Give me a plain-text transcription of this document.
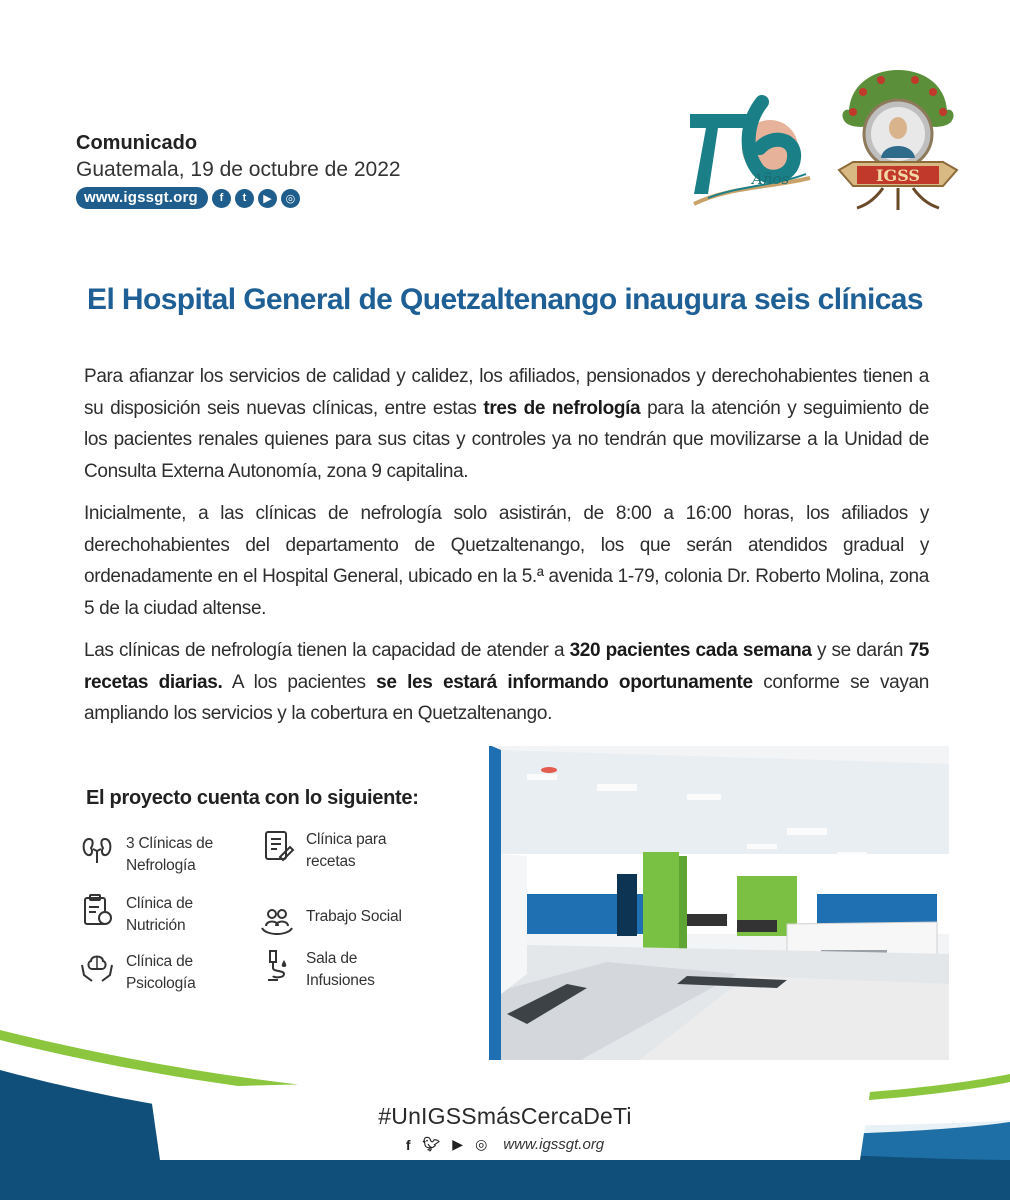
Comunicado
Guatemala, 19 de octubre de 2022
www.igssgt.org	f	t	▶	◎
Años	IGSS
El Hospital General de Quetzaltenango inaugura seis clínicas

Para afianzar los servicios de calidad y calidez, los afiliados, pensionados y derechohabientes tienen a su disposición seis nuevas clínicas, entre estas tres de nefrología para la atención y seguimiento de los pacientes renales quienes para sus citas y controles ya no tendrán que movilizarse a la Unidad de Consulta Externa Autonomía, zona 9 capitalina.

Inicialmente, a las clínicas de nefrología solo asistirán, de 8:00 a 16:00 horas, los afiliados y derechohabientes del departamento de Quetzaltenango, los que serán atendidos gradual y ordenadamente en el Hospital General, ubicado en la 5.ª avenida 1-79, colonia Dr. Roberto Molina, zona 5 de la ciudad altense.

Las clínicas de nefrología tienen la capacidad de atender a 320 pacientes cada semana y se darán 75 recetas diarias. A los pacientes se les estará informando oportunamente conforme se vayan ampliando los servicios y la cobertura en Quetzaltenango.

El proyecto cuenta con lo siguiente:
3 Clínicas de Nefrología
Clínica para recetas
Clínica de Nutrición
Trabajo Social
Clínica de Psicología
Sala de Infusiones
#UnIGSSmásCercaDeTi
f 🐦︎ ▶ ◎ www.igssgt.org
